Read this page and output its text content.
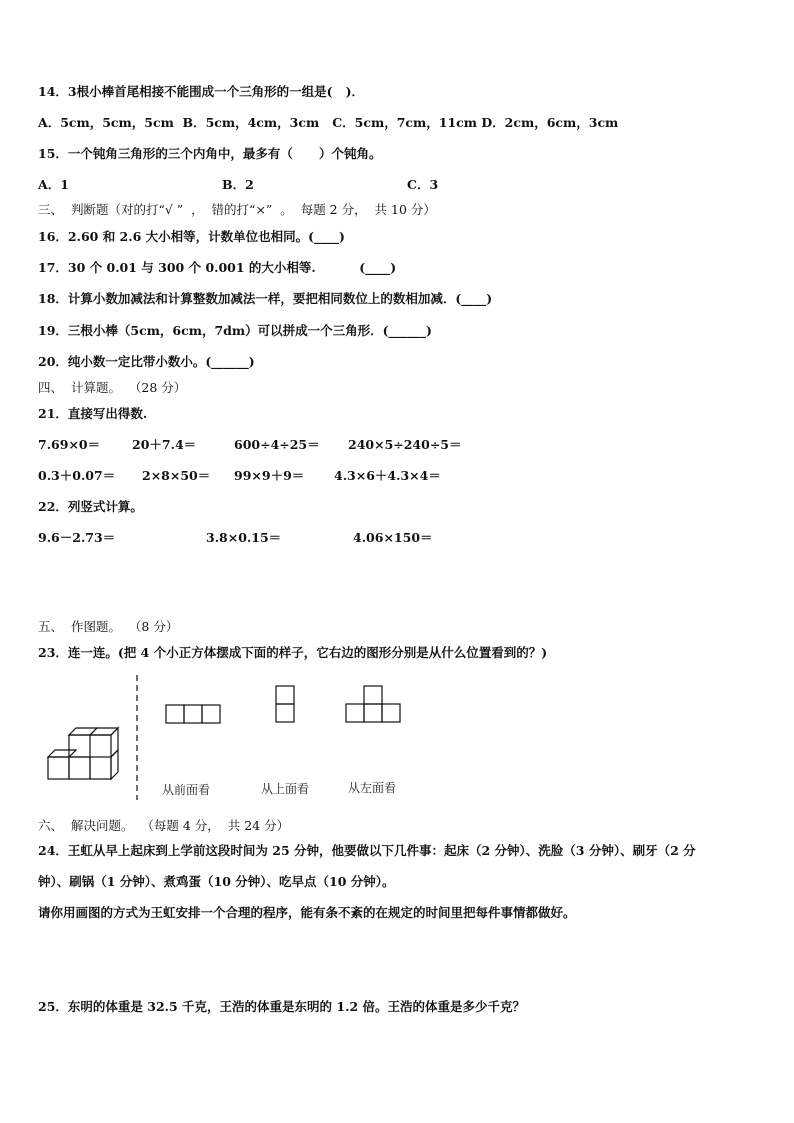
14．3根小棒首尾相接不能围成一个三角形的一组是(   )．
A．5cm，5cm，5cm  B．5cm，4cm，3cm   C．5cm，7cm，11cm D．2cm，6cm，3cm
15．一个钝角三角形的三个内角中，最多有（      ）个钝角。
A．1	B．2	C．3
三、  判断题（对的打“√ ”  ，  错的打“×”  。  每题 2 分，  共 10 分）
16．2.60 和 2.6 大小相等，计数单位也相同。(____)
17．30 个 0.01 与 300 个 0.001 的大小相等.          (____)
18．计算小数加减法和计算整数加减法一样，要把相同数位上的数相加减．(____)
19．三根小棒（5cm，6cm，7dm）可以拼成一个三角形．(______)
20．纯小数一定比带小数小。(______)
四、  计算题。  （28 分）
21．直接写出得数.
7.69×0＝	20＋7.4＝	600÷4÷25＝ 240×5÷240÷5＝
0.3＋0.07＝ 2×8×50＝ 99×9＋9＝ 4.3×6＋4.3×4＝
22．列竖式计算。
9.6－2.73＝	3.8×0.15＝	4.06×150＝
五、  作图题。  （8 分）
23．连一连。(把 4 个小正方体摆成下面的样子，它右边的图形分别是从什么位置看到的？)
从前面看	从上面看	从左面看
六、  解决问题。  （每题 4 分，  共 24 分）
24．王虹从早上起床到上学前这段时间为 25 分钟，他要做以下几件事：起床（2 分钟）、洗脸（3 分钟）、刷牙（2 分
钟）、刷锅（1 分钟）、煮鸡蛋（10 分钟）、吃早点（10 分钟）。
请你用画图的方式为王虹安排一个合理的程序，能有条不紊的在规定的时间里把每件事情都做好。
25．东明的体重是 32.5 千克，王浩的体重是东明的 1.2 倍。王浩的体重是多少千克？
